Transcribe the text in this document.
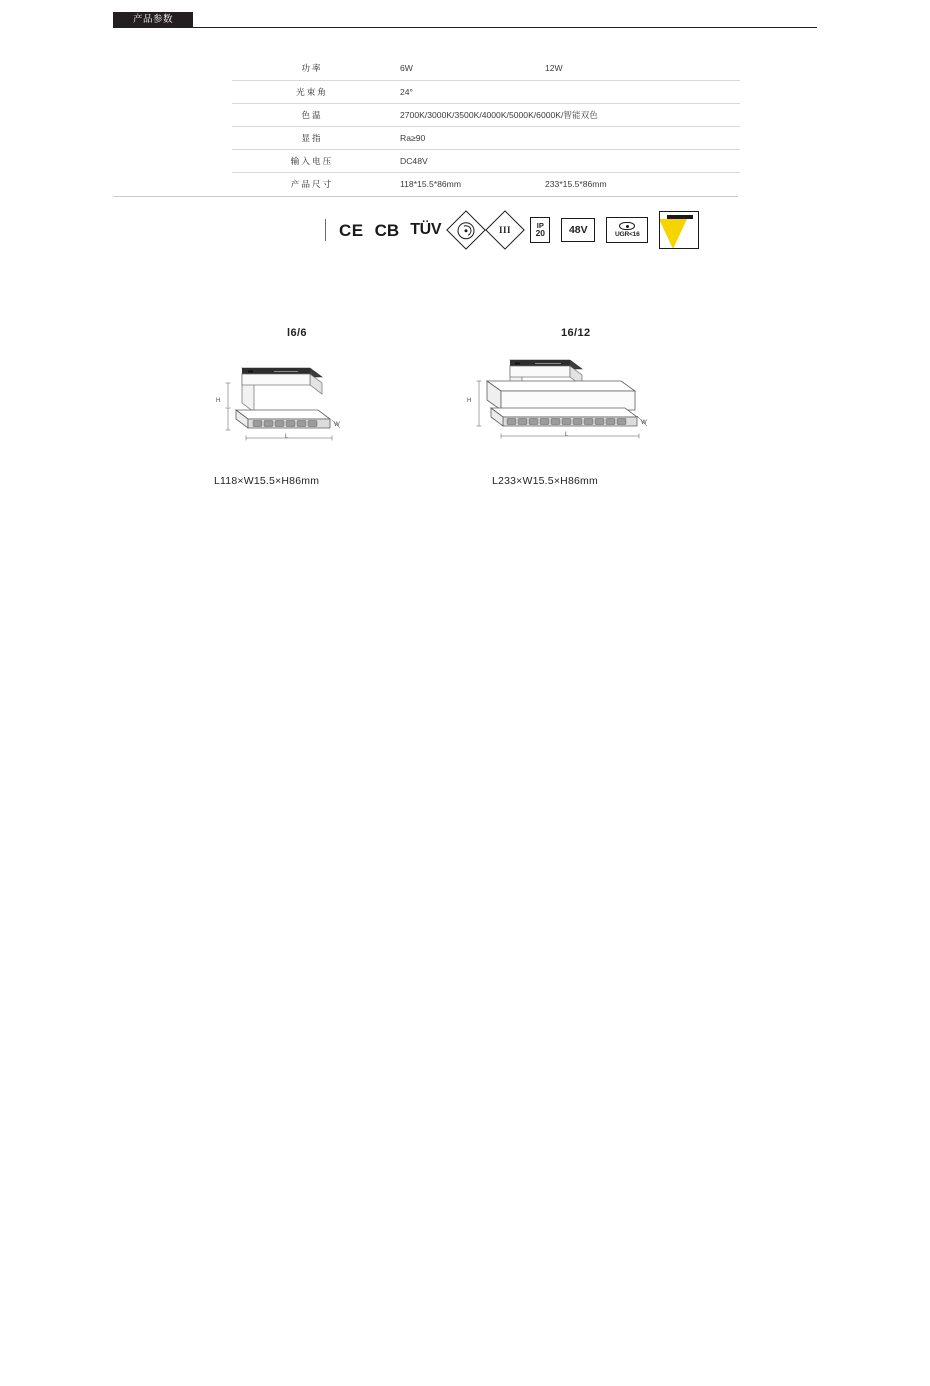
产品参数
功率	6W	12W
光束角	24°	
色温	2700K/3000K/3500K/4000K/5000K/6000K/智能双色	
显指	Ra≥90	
输入电压	DC48V	
产品尺寸	118*15.5*86mm	233*15.5*86mm
CE CB TÜV	III	IP
20 48V	UGR<16
l6/6
H
L
W
L118×W15.5×H86mm
16/12
H
L
W
L233×W15.5×H86mm
